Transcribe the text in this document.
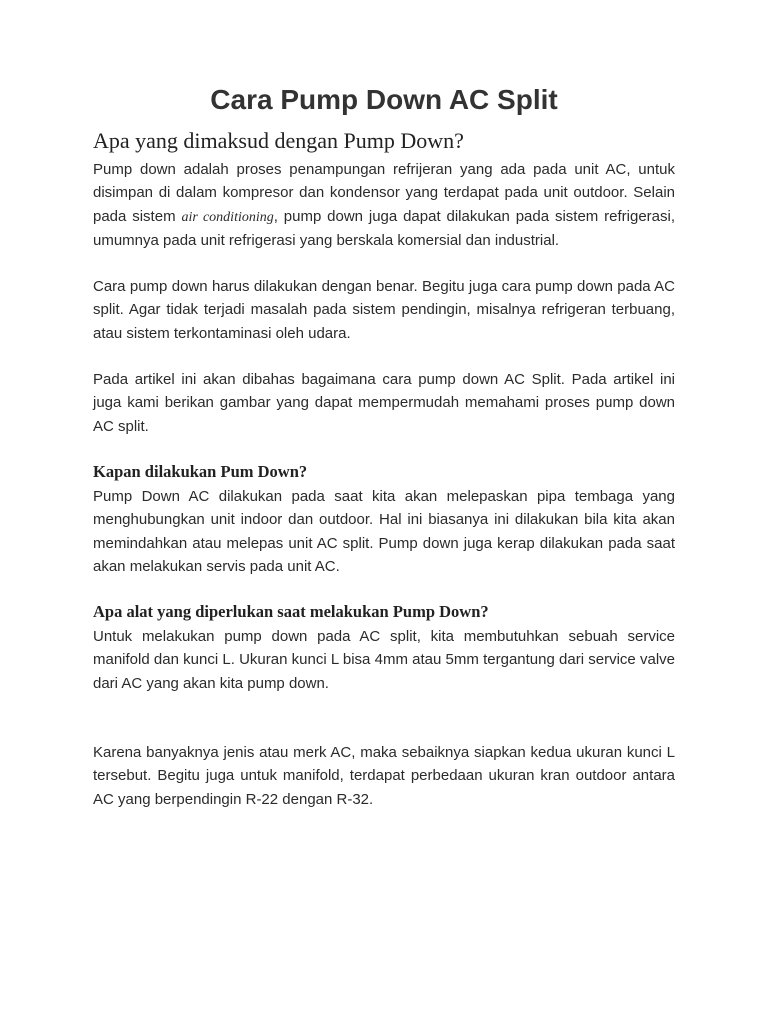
Cara Pump Down AC Split
Apa yang dimaksud dengan Pump Down?

Pump down adalah proses penampungan refrijeran yang ada pada unit AC, untuk disimpan di dalam kompresor dan kondensor yang terdapat pada unit outdoor. Selain pada sistem air conditioning, pump down juga dapat dilakukan pada sistem refrigerasi, umumnya pada unit refrigerasi yang berskala komersial dan industrial.

Cara pump down harus dilakukan dengan benar. Begitu juga cara pump down pada AC split. Agar tidak terjadi masalah pada sistem pendingin, misalnya refrigeran terbuang, atau sistem terkontaminasi oleh udara.

Pada artikel ini akan dibahas bagaimana cara pump down AC Split. Pada artikel ini juga kami berikan gambar yang dapat mempermudah memahami proses pump down AC split.

Kapan dilakukan Pum Down?

Pump Down AC dilakukan pada saat kita akan melepaskan pipa tembaga yang menghubungkan unit indoor dan outdoor. Hal ini biasanya ini dilakukan bila kita akan memindahkan atau melepas unit AC split. Pump down juga kerap dilakukan pada saat akan melakukan servis pada unit AC.

Apa alat yang diperlukan saat melakukan Pump Down?

Untuk melakukan pump down pada AC split, kita membutuhkan sebuah service manifold dan kunci L. Ukuran kunci L bisa 4mm atau 5mm tergantung dari service valve dari AC yang akan kita pump down.

Karena banyaknya jenis atau merk AC, maka sebaiknya siapkan kedua ukuran kunci L tersebut. Begitu juga untuk manifold, terdapat perbedaan ukuran kran outdoor antara AC yang berpendingin R-22 dengan R-32.
